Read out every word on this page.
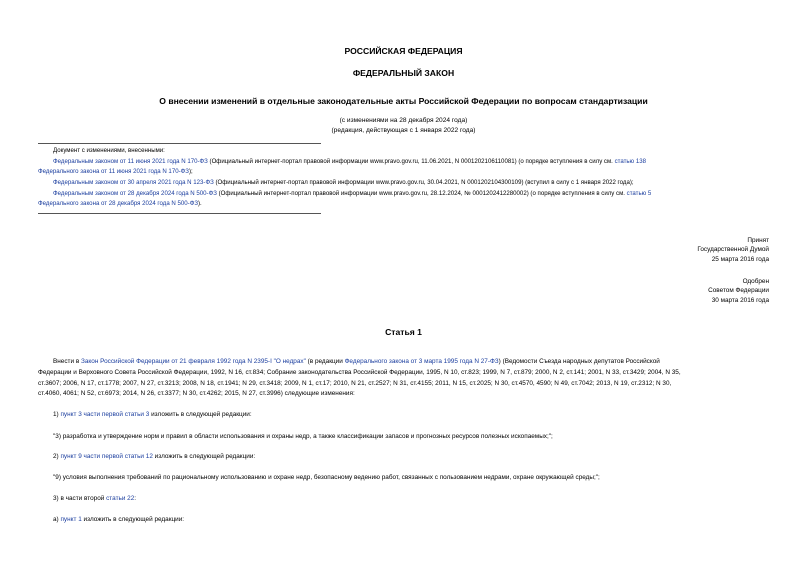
РОССИЙСКАЯ ФЕДЕРАЦИЯ
ФЕДЕРАЛЬНЫЙ ЗАКОН
О внесении изменений в отдельные законодательные акты Российской Федерации по вопросам стандартизации
(с изменениями на 28 декабря 2024 года)
(редакция, действующая с 1 января 2022 года)
Документ с изменениями, внесенными:
Федеральным законом от 11 июня 2021 года N 170-ФЗ (Официальный интернет-портал правовой информации www.pravo.gov.ru, 11.06.2021, N 0001202106110081) (о порядке вступления в силу см. статью 138
Федерального закона от 11 июня 2021 года N 170-ФЗ);
Федеральным законом от 30 апреля 2021 года N 123-ФЗ (Официальный интернет-портал правовой информации www.pravo.gov.ru, 30.04.2021, N 0001202104300109) (вступил в силу с 1 января 2022 года);
Федеральным законом от 28 декабря 2024 года N 500-ФЗ (Официальный интернет-портал правовой информации www.pravo.gov.ru, 28.12.2024, № 0001202412280002) (о порядке вступления в силу см. статью 5
Федерального закона от 28 декабря 2024 года N 500-ФЗ).
Принят
Государственной Думой
25 марта 2016 года
Одобрен
Советом Федерации
30 марта 2016 года
Статья 1
Внести в Закон Российской Федерации от 21 февраля 1992 года N 2395-I "О недрах" (в редакции Федерального закона от 3 марта 1995 года N 27-ФЗ) (Ведомости Съезда народных депутатов Российской
Федерации и Верховного Совета Российской Федерации, 1992, N 16, ст.834; Собрание законодательства Российской Федерации, 1995, N 10, ст.823; 1999, N 7, ст.879; 2000, N 2, ст.141; 2001, N 33, ст.3429; 2004, N 35,
ст.3607; 2006, N 17, ст.1778; 2007, N 27, ст.3213; 2008, N 18, ст.1941; N 29, ст.3418; 2009, N 1, ст.17; 2010, N 21, ст.2527; N 31, ст.4155; 2011, N 15, ст.2025; N 30, ст.4570, 4590; N 49, ст.7042; 2013, N 19, ст.2312; N 30,
ст.4060, 4061; N 52, ст.6973; 2014, N 26, ст.3377; N 30, ст.4262; 2015, N 27, ст.3996) следующие изменения:
1) пункт 3 части первой статьи 3 изложить в следующей редакции:
"3) разработка и утверждение норм и правил в области использования и охраны недр, а также классификации запасов и прогнозных ресурсов полезных ископаемых;";
2) пункт 9 части первой статьи 12 изложить в следующей редакции:
"9) условия выполнения требований по рациональному использованию и охране недр, безопасному ведению работ, связанных с пользованием недрами, охране окружающей среды;";
3) в части второй статьи 22:
а) пункт 1 изложить в следующей редакции:
